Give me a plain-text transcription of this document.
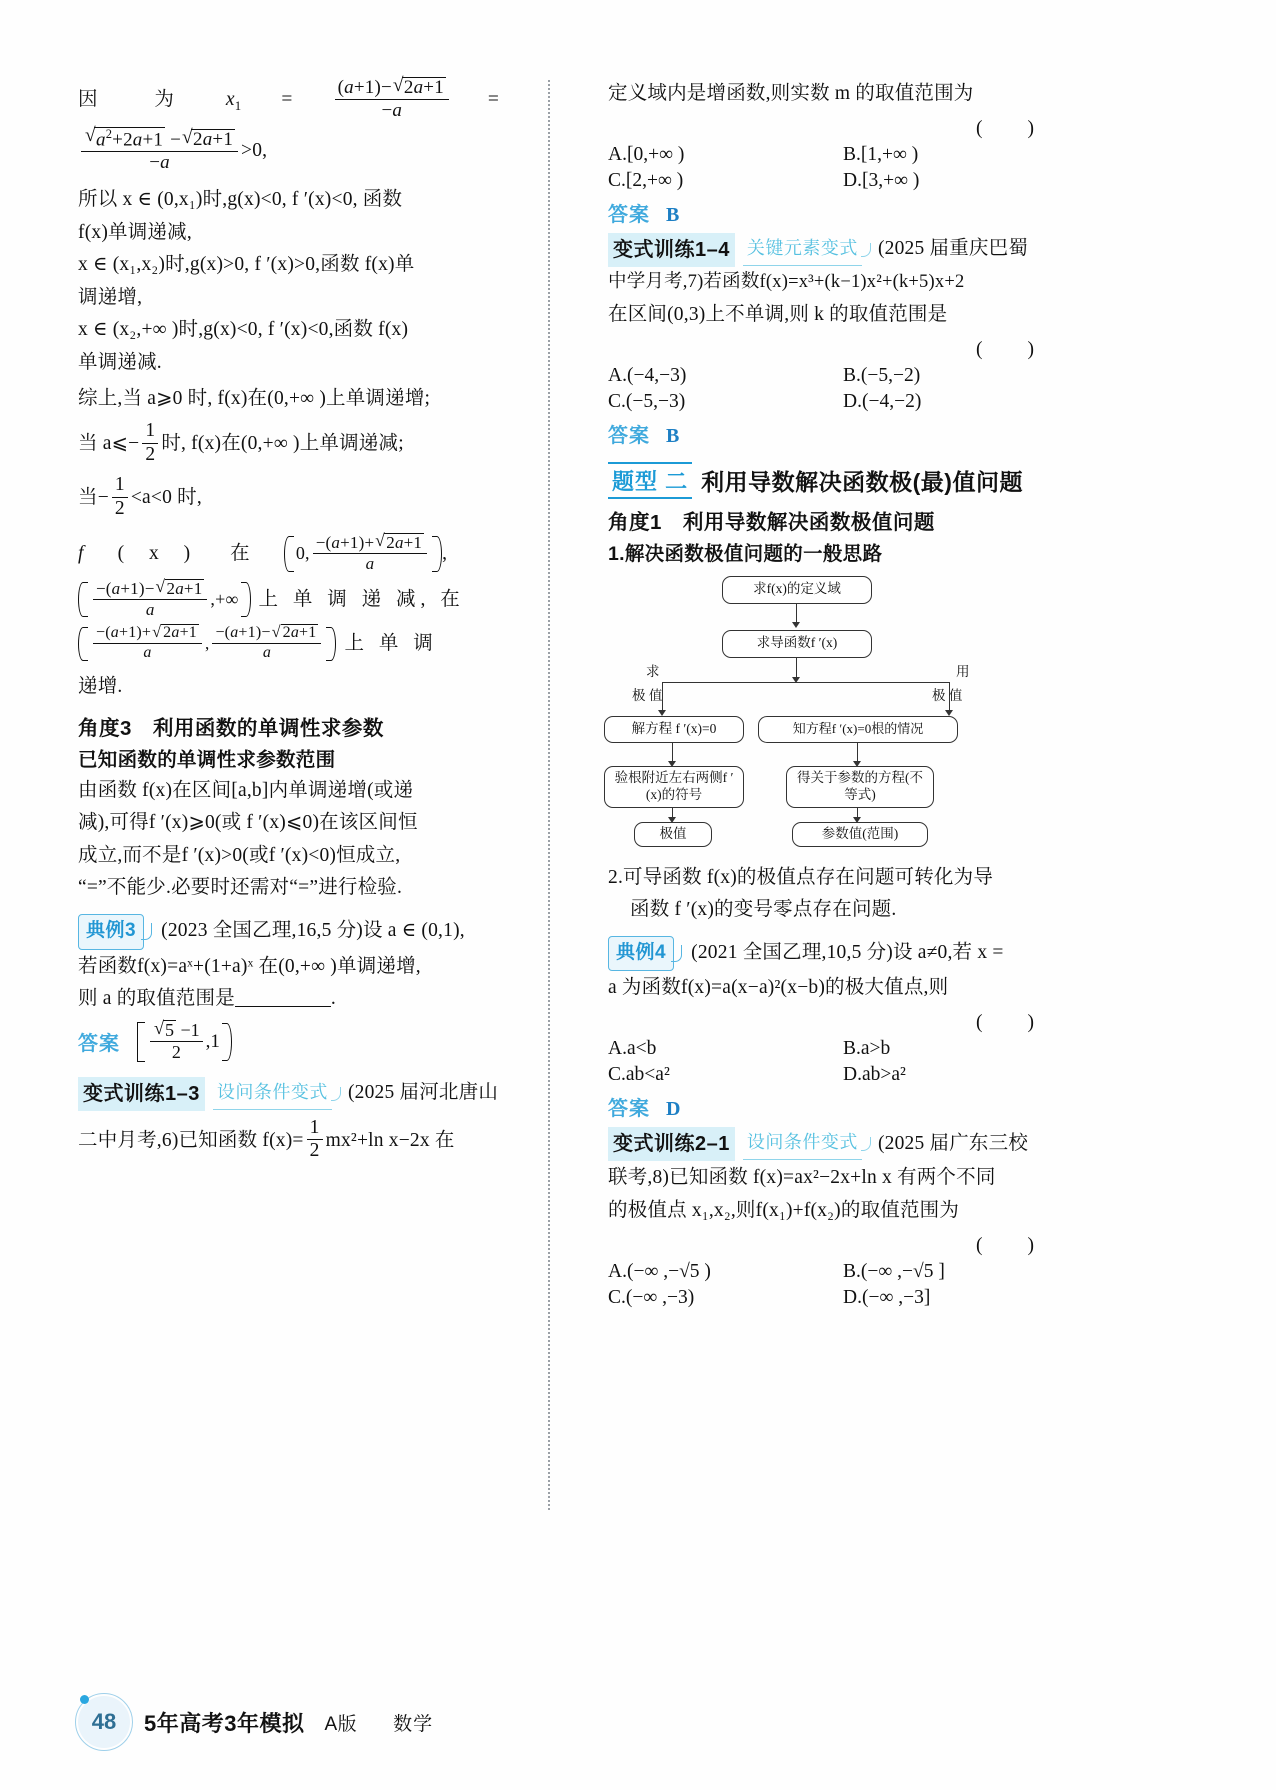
因 为 $x_1 = \frac{(a+1)- √ 2a+1}{-a}$ =
√ $\frac{a^2+2a+1 - √ 2a+1}{-a} >0$,
所以 x ∈ (0,x₁)时,g(x)<0, f ′(x)<0, 函数
f(x)单调递减,
x ∈ (x₁,x₂)时,g(x)>0, f ′(x)>0,函数 f(x)单
调递增,
x ∈ (x₂,+∞ )时,g(x)<0, f ′(x)<0,函数 f(x)
单调递减.
综上,当 a⩾0 时, f(x)在(0,+∞ )上单调递增;
当 a⩽− $\frac{1}{2}$ 时, f(x)在(0,+∞ )上单调递减;
当− $\frac{1}{2} <a<0$ 时,
f ( x ) 在	0, $\frac{-(a+1)+ √ 2a+1}{a}$ ,
$\frac{-(a+1)- √ 2a+1}{a}$ ,+∞ 上 单 调 递 减, 在
$\frac{-(a+1)+ √ 2a+1}{a}$ , $\frac{-(a+1)- √ 2a+1}{a}$ 上 单 调
递增.
角度3　利用函数的单调性求参数
已知函数的单调性求参数范围
由函数 f(x)在区间[a,b]内单调递增(或递
减),可得f ′(x)⩾0(或 f ′(x)⩽0)在该区间恒
成立,而不是f ′(x)>0(或f ′(x)<0)恒成立,
“=”不能少.必要时还需对“=”进行检验.
典例3	(2023 全国乙理,16,5 分)设 a ∈ (0,1),
若函数f(x)=aˣ+(1+a)ˣ 在(0,+∞ )单调递增,
则 a 的取值范围是	.
答案 √ $\frac{5 -1}{2} ,1$
变式训练1–3 设问条件变式 (2025 届河北唐山
二中月考,6)已知函数 $f(x)= \frac{1}{2} mx^2+\ln$ x−2x 在
定义域内是增函数,则实数 m 的取值范围为
(　　)
A.[0,+∞ )	B.[1,+∞ )
C.[2,+∞ )	D.[3,+∞ )
答案 B
变式训练1–4 关键元素变式 (2025 届重庆巴蜀
中学月考,7)若函数f(x)=x³+(k−1)x²+(k+5)x+2
在区间(0,3)上不单调,则 k 的取值范围是
(　　)
A.(−4,−3)	B.(−5,−2)
C.(−5,−3)	D.(−4,−2)
答案 B
题型 二 利用导数解决函数极(最)值问题
角度1　利用导数解决函数极值问题
1.解决函数极值问题的一般思路
求f(x)的定义域
求导函数f ′(x)
求
极 值
用
极 值
解方程 f ′(x)=0	知方程f ′(x)=0根的情况
验根附近左右两侧f ′(x)的符号
得关于参数的方程(不等式)
极值	参数值(范围)
2.可导函数 f(x)的极值点存在问题可转化为导
函数 f ′(x)的变号零点存在问题.
典例4	(2021 全国乙理,10,5 分)设 a≠0,若 x =
a 为函数f(x)=a(x−a)²(x−b)的极大值点,则
(　　)
A.a<b	B.a>b
C.ab<a²	D.ab>a²
答案 D
变式训练2–1 设问条件变式 (2025 届广东三校
联考,8)已知函数 f(x)=ax²−2x+ln x 有两个不同
的极值点 x₁,x₂,则f(x₁)+f(x₂)的取值范围为
(　　)
A.(−∞ ,−√5 )	B.(−∞ ,−√5 ]
C.(−∞ ,−3)	D.(−∞ ,−3]
48 5年高考3年模拟 A版 数学
